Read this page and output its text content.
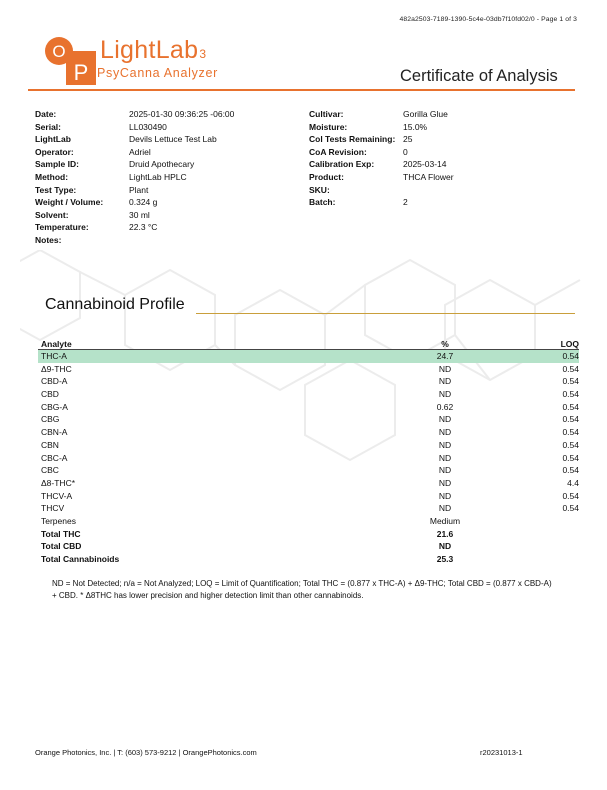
482a2503-7189-1390-5c4e-03db7f10fd02/0 - Page 1 of 3
O
P
LightLab3
PsyCanna Analyzer	Certificate of Analysis
Date:	2025-01-30 09:36:25 -06:00
Serial:	LL030490
LightLab	Devils Lettuce Test Lab
Operator:	Adriel
Sample ID:	Druid Apothecary
Method:	LightLab HPLC
Test Type:	Plant
Weight / Volume:	0.324 g
Solvent:	30 ml
Temperature:	22.3 °C
Notes:
Cultivar:	Gorilla Glue
Moisture:	15.0%
Col Tests Remaining: 25
CoA Revision:	0
Calibration Exp:	2025-03-14
Product:	THCA Flower
SKU:
Batch:	2
Cannabinoid Profile
Analyte	%	LOQ
THC-A	24.7	0.54
Δ9-THC	ND	0.54
CBD-A	ND	0.54
CBD	ND	0.54
CBG-A	0.62	0.54
CBG	ND	0.54
CBN-A	ND	0.54
CBN	ND	0.54
CBC-A	ND	0.54
CBC	ND	0.54
Δ8-THC*	ND	4.4
THCV-A	ND	0.54
THCV	ND	0.54
Terpenes	Medium
Total THC	21.6
Total CBD	ND
Total Cannabinoids	25.3
ND = Not Detected; n/a = Not Analyzed; LOQ = Limit of Quantification; Total THC = (0.877 x THC-A) + Δ9-THC; Total CBD = (0.877 x CBD-A) + CBD. * Δ8THC has lower precision and higher detection limit than other cannabinoids.
Orange Photonics, Inc. | T: (603) 573-9212 | OrangePhotonics.com	r20231013-1
